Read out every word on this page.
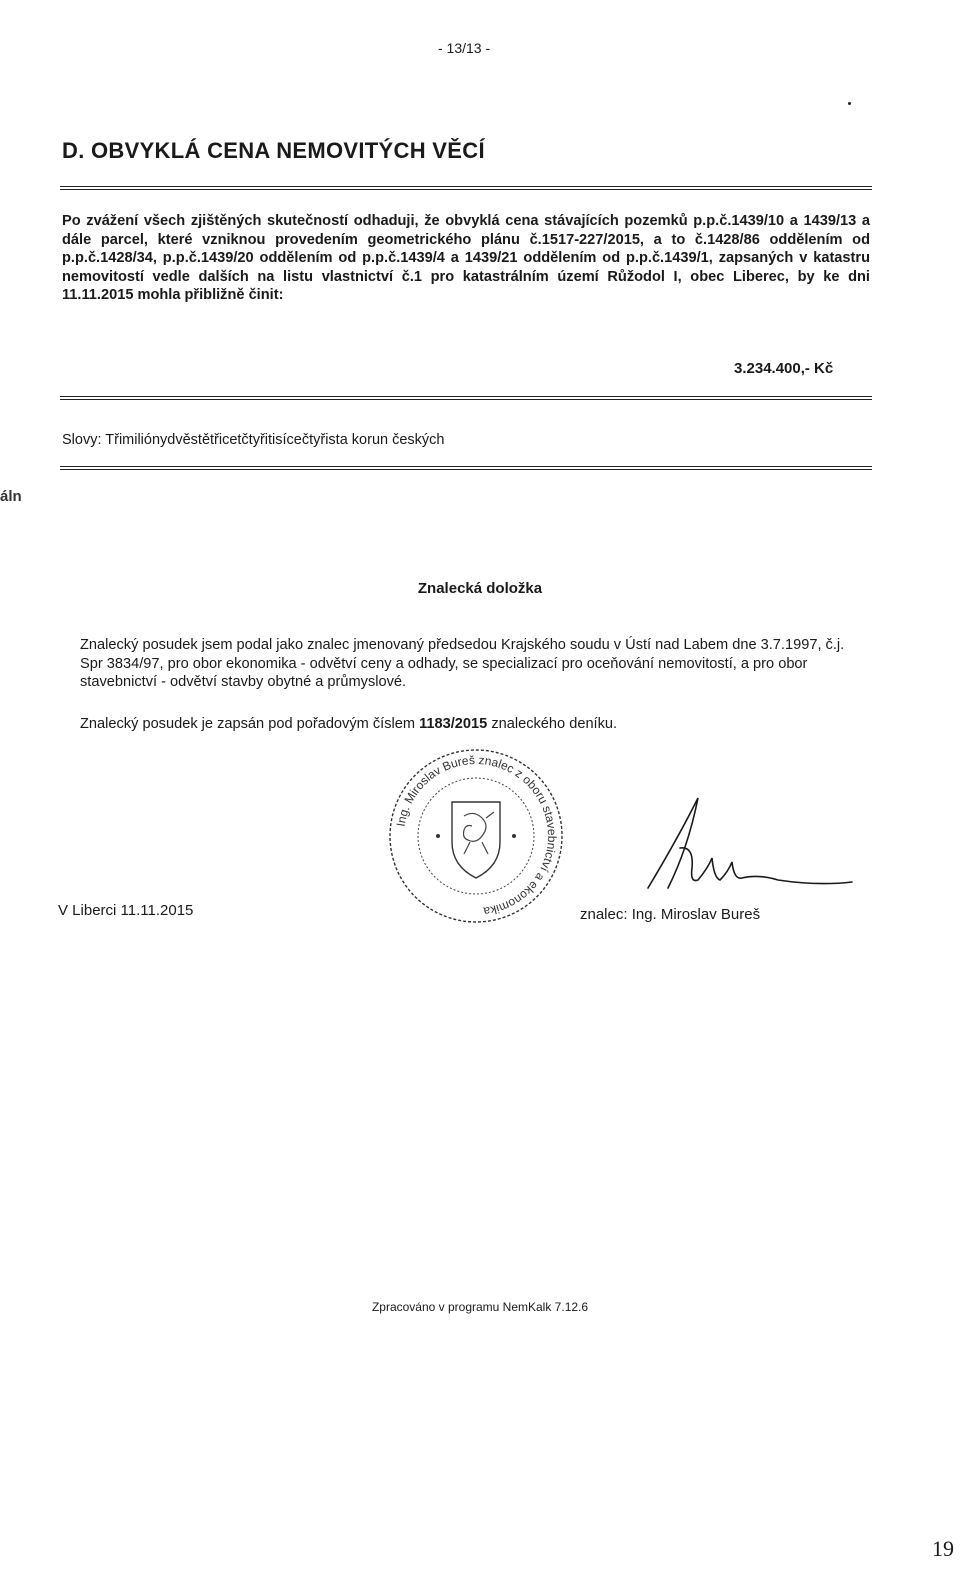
- 13/13 -
D. OBVYKLÁ CENA NEMOVITÝCH VĚCÍ
Po zvážení všech zjištěných skutečností odhaduji, že obvyklá cena stávajících pozemků p.p.č.1439/10 a 1439/13 a dále parcel, které vzniknou provedením geometrického plánu č.1517-227/2015, a to č.1428/86 oddělením od p.p.č.1428/34, p.p.č.1439/20 oddělením od p.p.č.1439/4 a 1439/21 oddělením od p.p.č.1439/1, zapsaných v katastru nemovitostí vedle dalších na listu vlastnictví č.1 pro katastrálním území Růžodol I, obec Liberec, by ke dni 11.11.2015 mohla přibližně činit:
3.234.400,- Kč
Slovy: Třimiliónydvěstětřicetčtyřitisícečtyřista korun českých
áln
Znalecká doložka
Znalecký posudek jsem podal jako znalec jmenovaný předsedou Krajského soudu v Ústí nad Labem dne 3.7.1997, č.j. Spr 3834/97, pro obor ekonomika - odvětví ceny a odhady, se specializací pro oceňování nemovitostí, a pro obor stavebnictví - odvětví stavby obytné a průmyslové.
Znalecký posudek je zapsán pod pořadovým číslem 1183/2015 znaleckého deníku.
Ing. Miroslav Bureš znalec z oboru stavebnictví a ekonomika
V Liberci 11.11.2015	znalec: Ing. Miroslav Bureš
Zpracováno v programu NemKalk 7.12.6
19
